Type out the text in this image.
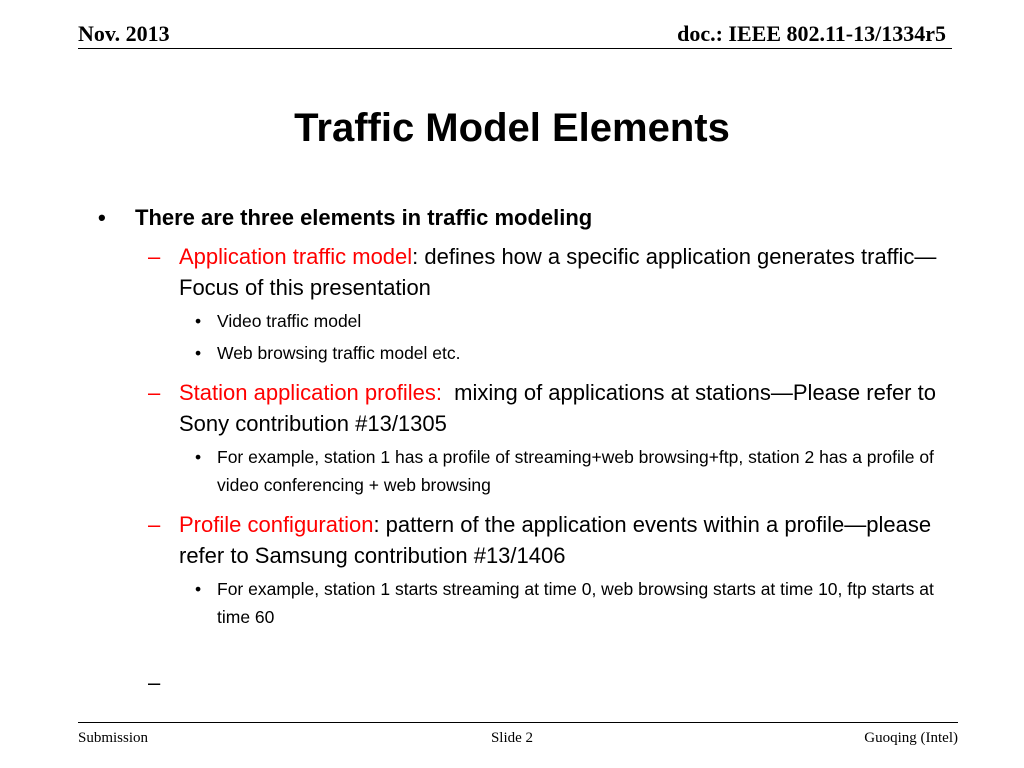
Nov. 2013	doc.: IEEE 802.11-13/1334r5
Traffic Model Elements
• There are three elements in traffic modeling
– Application traffic model: defines how a specific application generates traffic—Focus of this presentation
• Video traffic model
• Web browsing traffic model etc.
– Station application profiles:  mixing of applications at stations—Please refer to Sony contribution #13/1305
• For example, station 1 has a profile of streaming+web browsing+ftp, station 2 has a profile of video conferencing + web browsing
– Profile configuration: pattern of the application events within a profile—please refer to Samsung contribution #13/1406
• For example, station 1 starts streaming at time 0, web browsing starts at time 10, ftp starts at time 60
–
Submission	Slide 2	Guoqing (Intel)
